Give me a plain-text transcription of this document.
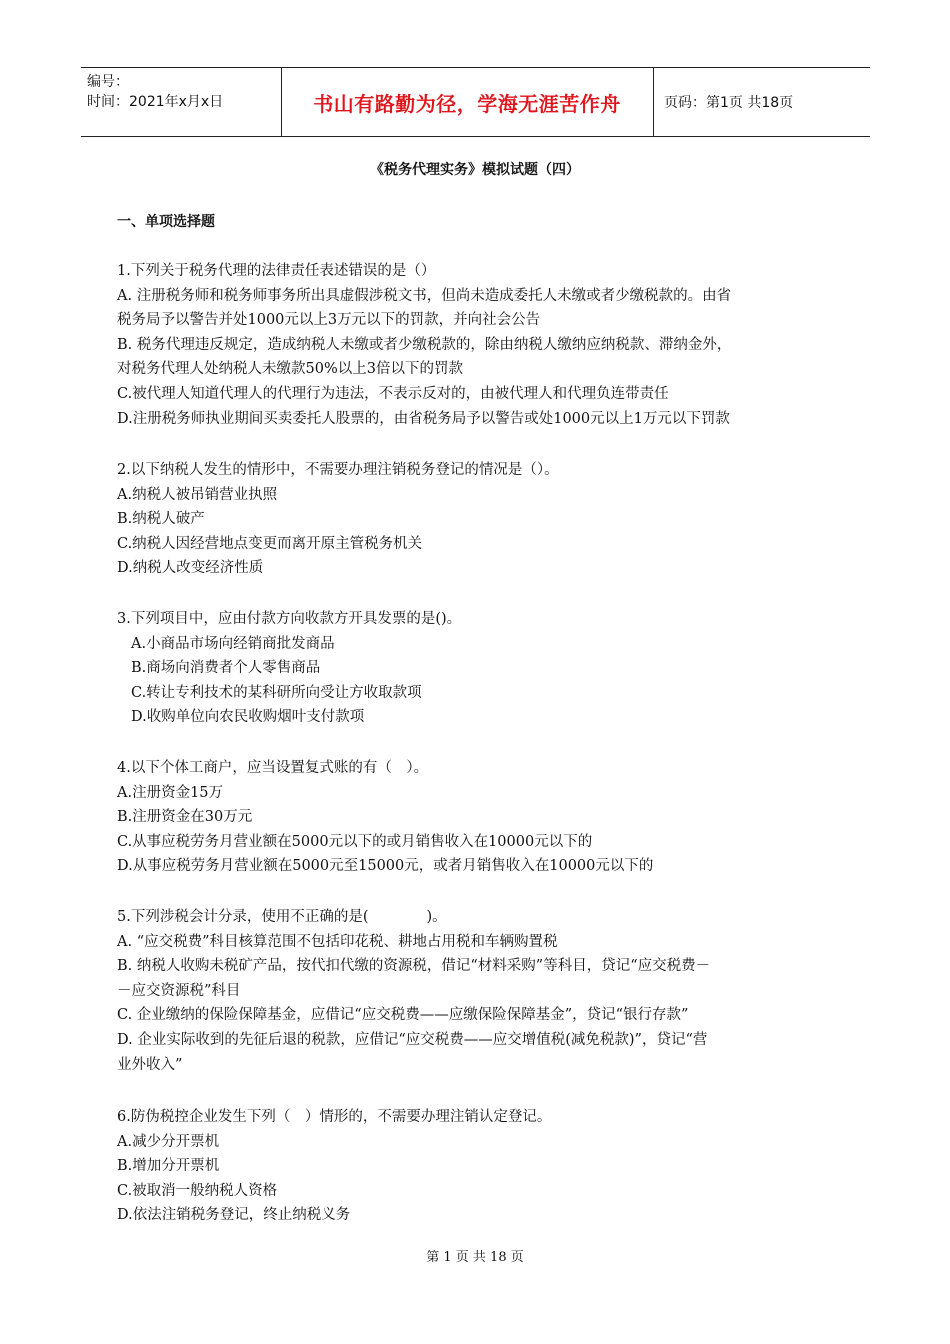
编号：
时间：2021年x月x日	书山有路勤为径，学海无涯苦作舟	页码：第1页 共18页
《税务代理实务》模拟试题（四）
一、单项选择题
1.下列关于税务代理的法律责任表述错误的是（）
A. 注册税务师和税务师事务所出具虚假涉税文书，但尚未造成委托人未缴或者少缴税款的。由省
税务局予以警告并处1000元以上3万元以下的罚款，并向社会公告
B. 税务代理违反规定，造成纳税人未缴或者少缴税款的，除由纳税人缴纳应纳税款、滞纳金外，
对税务代理人处纳税人未缴款50%以上3倍以下的罚款
C.被代理人知道代理人的代理行为违法，不表示反对的，由被代理人和代理负连带责任
D.注册税务师执业期间买卖委托人股票的，由省税务局予以警告或处1000元以上1万元以下罚款
2.以下纳税人发生的情形中，不需要办理注销税务登记的情况是（）。
A.纳税人被吊销营业执照
B.纳税人破产
C.纳税人因经营地点变更而离开原主管税务机关
D.纳税人改变经济性质
3.下列项目中，应由付款方向收款方开具发票的是()。
A.小商品市场向经销商批发商品
B.商场向消费者个人零售商品
C.转让专利技术的某科研所向受让方收取款项
D.收购单位向农民收购烟叶支付款项
4.以下个体工商户，应当设置复式账的有（　）。
A.注册资金15万
B.注册资金在30万元
C.从事应税劳务月营业额在5000元以下的或月销售收入在10000元以下的
D.从事应税劳务月营业额在5000元至15000元，或者月销售收入在10000元以下的
5.下列涉税会计分录，使用不正确的是(　　　　)。
A. “应交税费”科目核算范围不包括印花税、耕地占用税和车辆购置税
B. 纳税人收购未税矿产品，按代扣代缴的资源税，借记“材料采购”等科目，贷记“应交税费－
－应交资源税”科目
C. 企业缴纳的保险保障基金，应借记“应交税费——应缴保险保障基金”，贷记“银行存款”
D. 企业实际收到的先征后退的税款，应借记“应交税费——应交增值税(减免税款)”，贷记“营
业外收入”
6.防伪税控企业发生下列（　）情形的，不需要办理注销认定登记。
A.减少分开票机
B.增加分开票机
C.被取消一般纳税人资格
D.依法注销税务登记，终止纳税义务
第 1 页 共 18 页
